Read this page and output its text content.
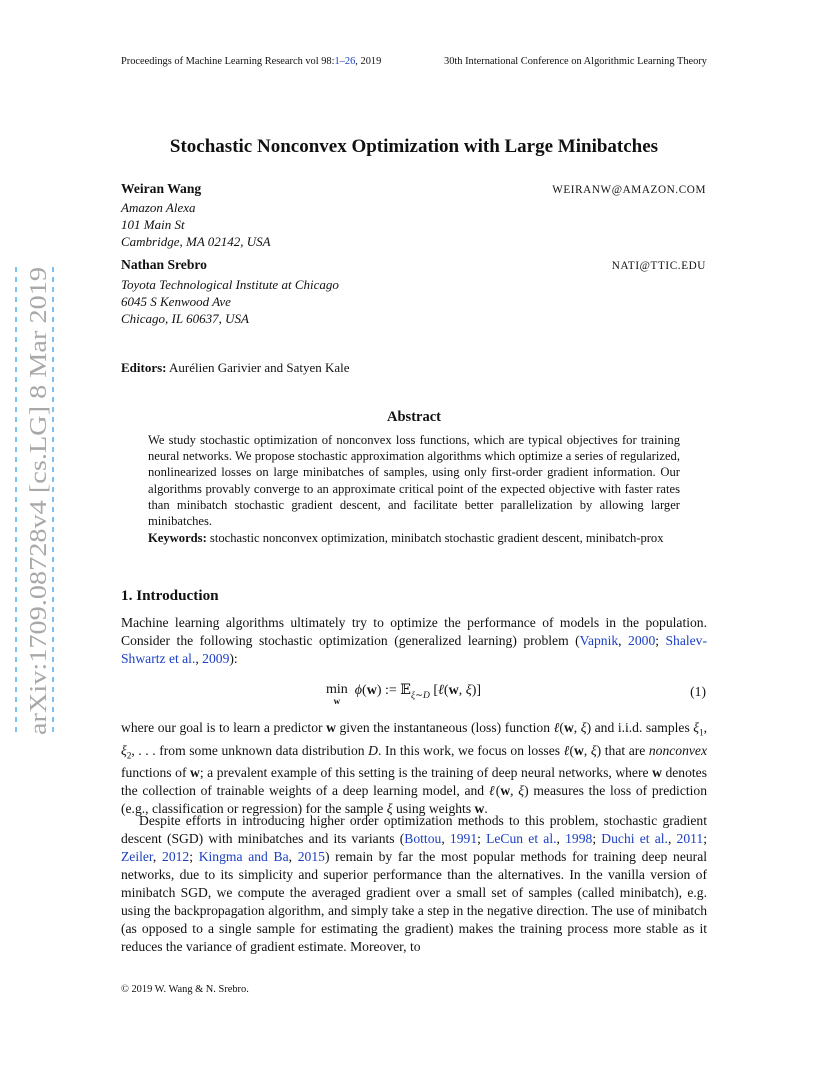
Proceedings of Machine Learning Research vol 98:1–26, 2019	30th International Conference on Algorithmic Learning Theory
arXiv:1709.08728v4 [cs.LG] 8 Mar 2019
Stochastic Nonconvex Optimization with Large Minibatches
Weiran Wang	WEIRANW@AMAZON.COM
Amazon Alexa
101 Main St
Cambridge, MA 02142, USA
Nathan Srebro	NATI@TTIC.EDU
Toyota Technological Institute at Chicago
6045 S Kenwood Ave
Chicago, IL 60637, USA
Editors: Aurélien Garivier and Satyen Kale
Abstract
We study stochastic optimization of nonconvex loss functions, which are typical objectives for training neural networks. We propose stochastic approximation algorithms which optimize a series of regularized, nonlinearized losses on large minibatches of samples, using only first-order gradient information. Our algorithms provably converge to an approximate critical point of the expected objective with faster rates than minibatch stochastic gradient descent, and facilitate better parallelization by allowing larger minibatches.
Keywords: stochastic nonconvex optimization, minibatch stochastic gradient descent, minibatch-prox
1. Introduction
Machine learning algorithms ultimately try to optimize the performance of models in the population. Consider the following stochastic optimization (generalized learning) problem (Vapnik, 2000; Shalev-Shwartz et al., 2009):
min
$^w$  ϕ(w) := 𝔼$_{\xi\sim D}$ [ℓ(w, ξ)]	(1)
where our goal is to learn a predictor w given the instantaneous (loss) function ℓ(w, ξ) and i.i.d. samples $\xi_1$, $\xi_2$, . . . from some unknown data distribution D. In this work, we focus on losses ℓ(w, ξ) that are nonconvex functions of w; a prevalent example of this setting is the training of deep neural networks, where w denotes the collection of trainable weights of a deep learning model, and ℓ(w, ξ) measures the loss of prediction (e.g., classification or regression) for the sample ξ using weights w.
Despite efforts in introducing higher order optimization methods to this problem, stochastic gradient descent (SGD) with minibatches and its variants (Bottou, 1991; LeCun et al., 1998; Duchi et al., 2011; Zeiler, 2012; Kingma and Ba, 2015) remain by far the most popular methods for training deep neural networks, due to its simplicity and superior performance than the alternatives. In the vanilla version of minibatch SGD, we compute the averaged gradient over a small set of samples (called minibatch), e.g. using the backpropagation algorithm, and simply take a step in the negative direction. The use of minibatch (as opposed to a single sample for estimating the gradient) makes the training process more stable as it reduces the variance of gradient estimate. Moreover, to
© 2019 W. Wang & N. Srebro.
